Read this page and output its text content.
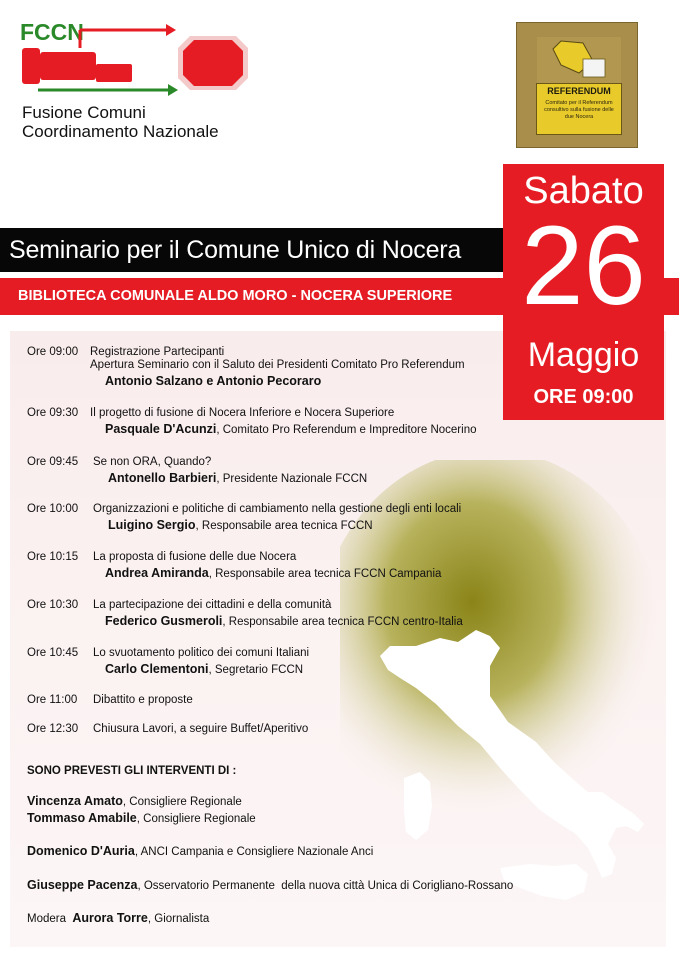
FCCN
Fusione Comuni
Coordinamento Nazionale
REFERENDUM
Comitato per il Referendum consultivo sulla fusione delle due Nocera
Seminario per il Comune Unico di Nocera
BIBLIOTECA COMUNALE ALDO MORO - NOCERA SUPERIORE
Ore 09:00 Registrazione Partecipanti
Apertura Seminario con il Saluto dei Presidenti Comitato Pro Referendum
Antonio Salzano e Antonio Pecoraro
Ore 09:30 Il progetto di fusione di Nocera Inferiore e Nocera Superiore
Pasquale D'Acunzi, Comitato Pro Referendum e Impreditore Nocerino
Ore 09:45 Se non ORA, Quando?
Antonello Barbieri, Presidente Nazionale FCCN
Ore 10:00 Organizzazioni e politiche di cambiamento nella gestione degli enti locali
Luigino Sergio, Responsabile area tecnica FCCN
Ore 10:15 La proposta di fusione delle due Nocera
Andrea Amiranda, Responsabile area tecnica FCCN Campania
Ore 10:30 La partecipazione dei cittadini e della comunità
Federico Gusmeroli, Responsabile area tecnica FCCN centro-Italia
Ore 10:45 Lo svuotamento politico dei comuni Italiani
Carlo Clementoni, Segretario FCCN
Ore 11:00 Dibattito e proposte
Ore 12:30 Chiusura Lavori, a seguire Buffet/Aperitivo
SONO PREVESTI GLI INTERVENTI DI :
Vincenza Amato, Consigliere Regionale
Tommaso Amabile, Consigliere Regionale
Domenico D'Auria, ANCI Campania e Consigliere Nazionale Anci
Giuseppe Pacenza, Osservatorio Permanente  della nuova città Unica di Corigliano-Rossano
Modera  Aurora Torre, Giornalista
Sabato
26
Maggio
ORE 09:00
